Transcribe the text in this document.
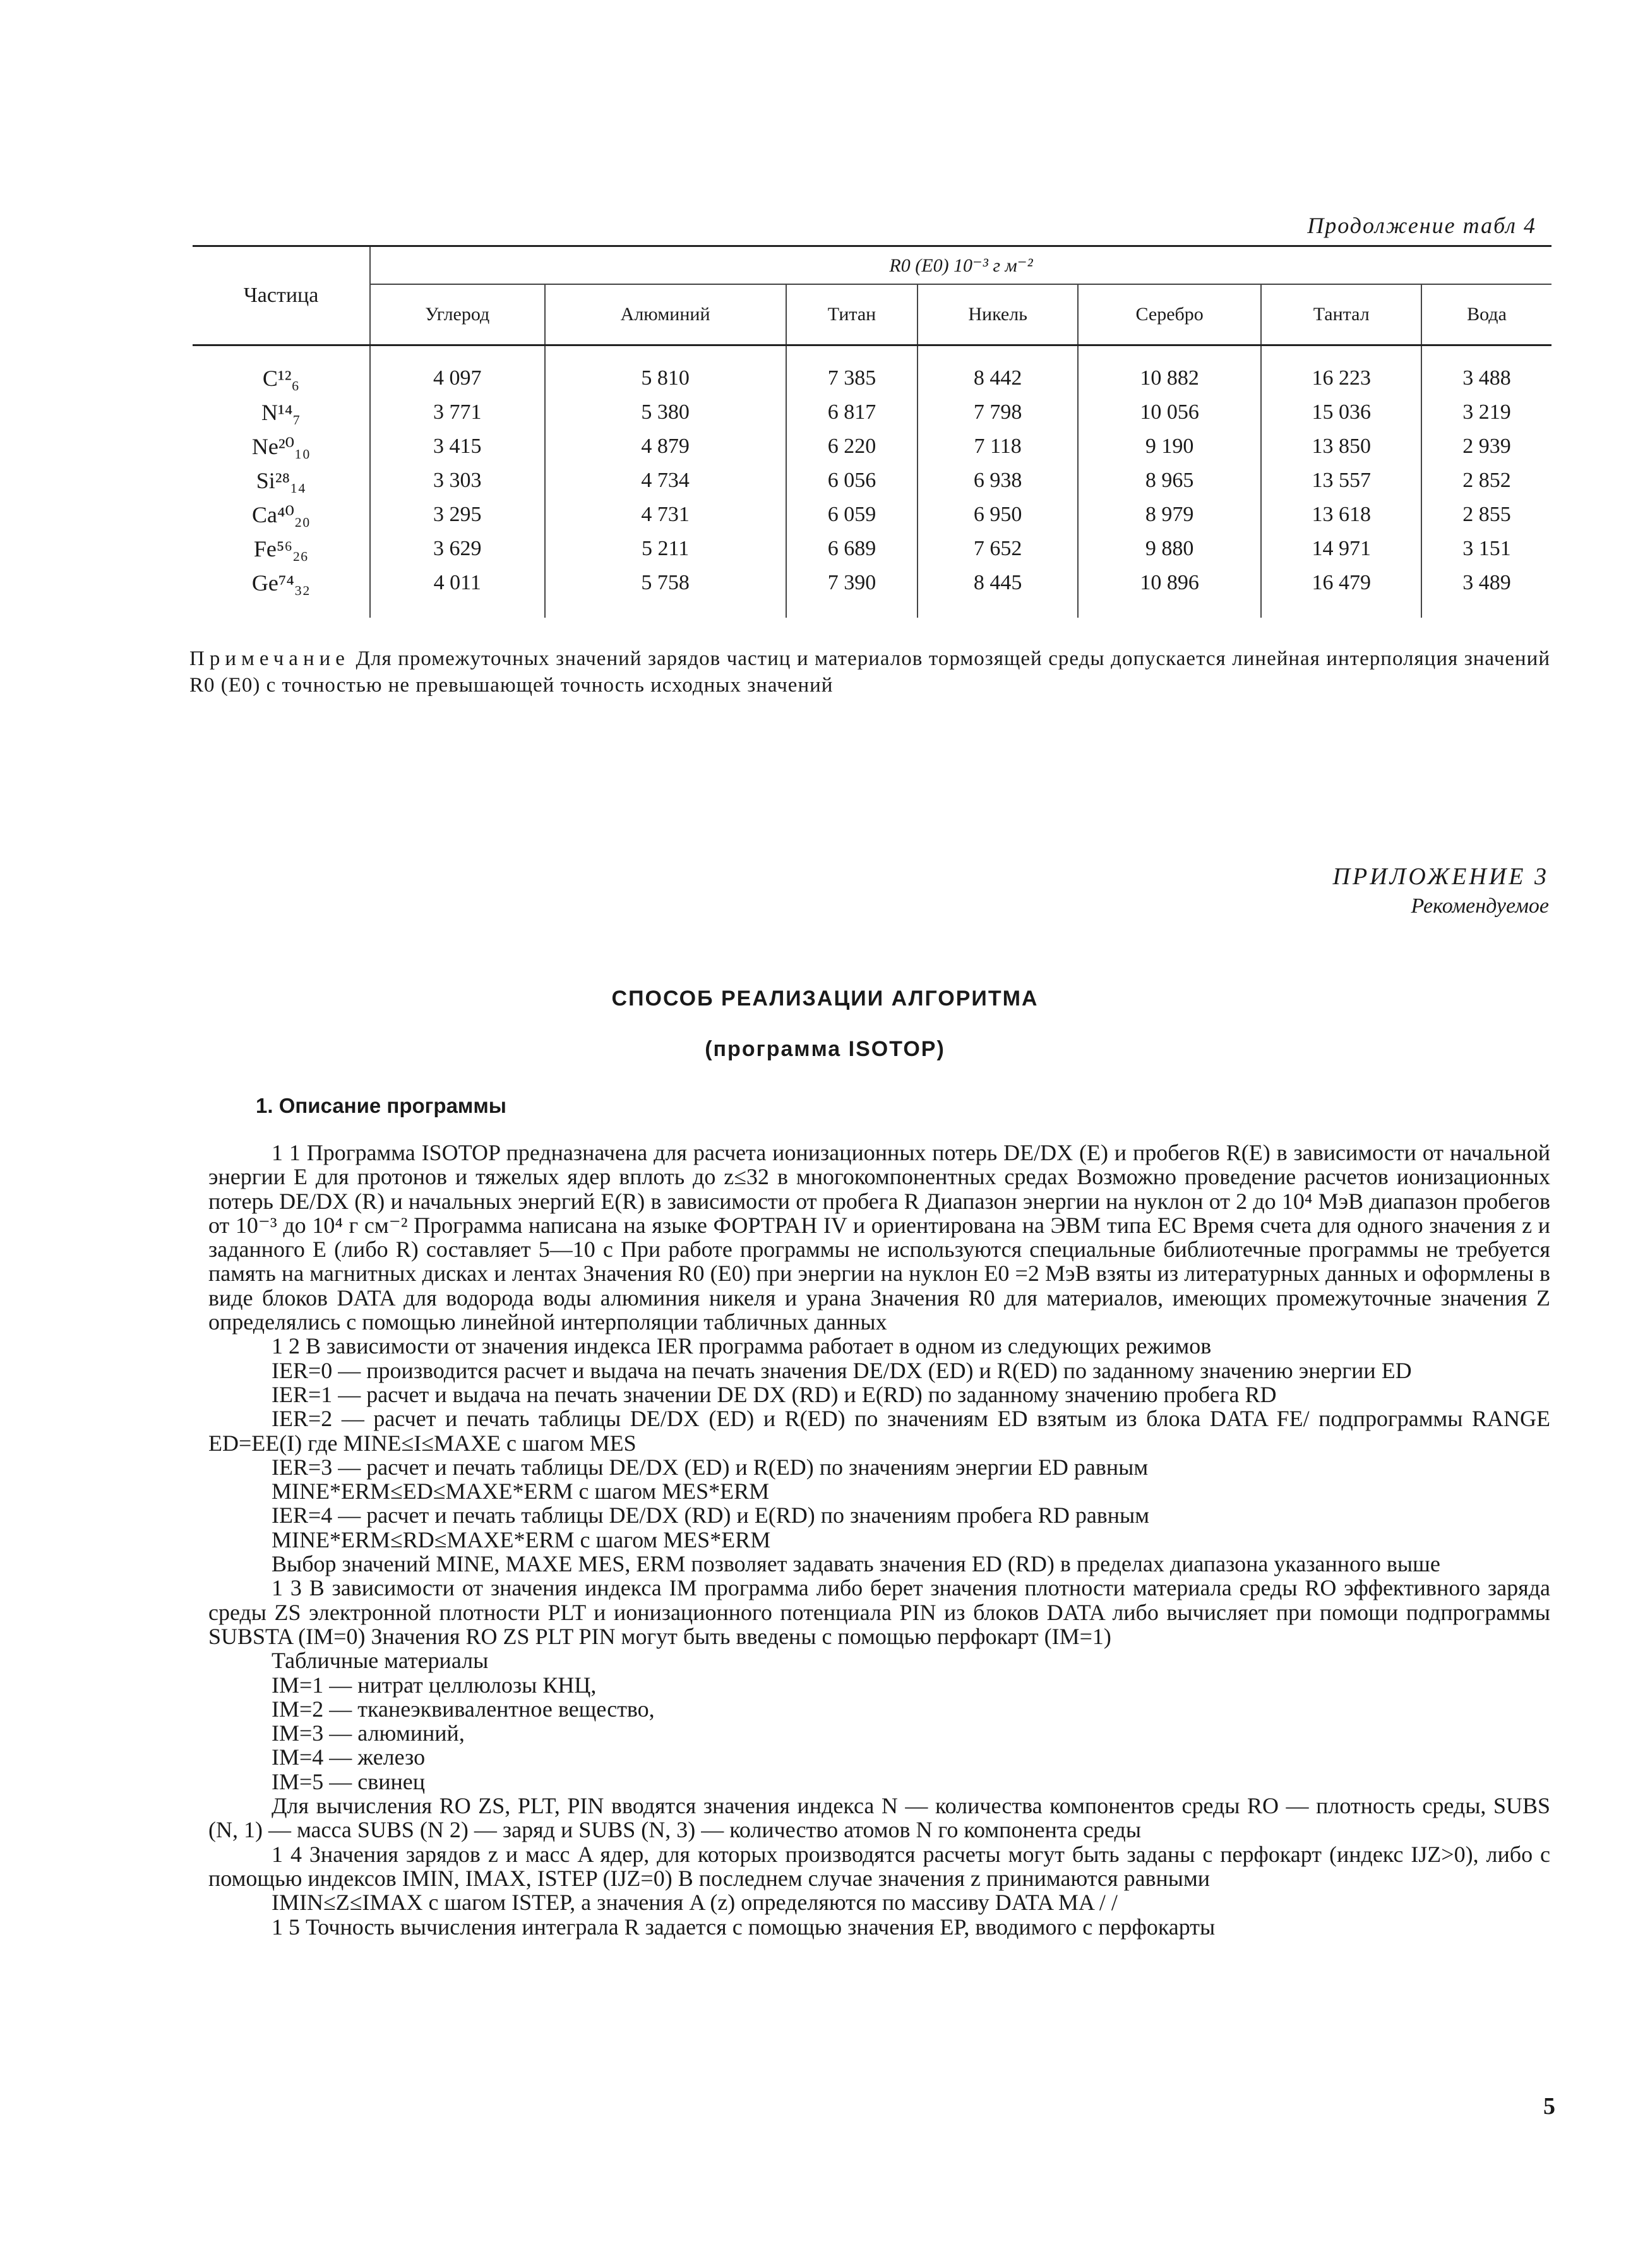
Продолжение табл 4
Частица	R0 (E0) 10⁻³ г м⁻²						
	Углерод	Алюминий	Титан	Никель	Серебро	Тантал	Вода
C¹²₆	4 097	5 810	7 385	8 442	10 882	16 223	3 488
N¹⁴₇	3 771	5 380	6 817	7 798	10 056	15 036	3 219
Ne²⁰₁₀	3 415	4 879	6 220	7 118	9 190	13 850	2 939
Si²⁸₁₄	3 303	4 734	6 056	6 938	8 965	13 557	2 852
Ca⁴⁰₂₀	3 295	4 731	6 059	6 950	8 979	13 618	2 855
Fe⁵⁶₂₆	3 629	5 211	6 689	7 652	9 880	14 971	3 151
Ge⁷⁴₃₂	4 011	5 758	7 390	8 445	10 896	16 479	3 489
Примечание Для промежуточных значений зарядов частиц и материалов тормозящей среды допускается линейная интерполяция значений R0 (E0) с точностью не превышающей точность исходных значений
ПРИЛОЖЕНИЕ 3
Рекомендуемое
СПОСОБ РЕАЛИЗАЦИИ АЛГОРИТМА
(программа ISOTOP)
1. Описание программы

1 1 Программа ISOTOP предназначена для расчета ионизационных потерь DE/DX (E) и пробегов R(E) в зависимости от начальной энергии E для протонов и тяжелых ядер вплоть до z≤32 в многокомпонентных средах Возможно проведение расчетов ионизационных потерь DE/DX (R) и начальных энергий E(R) в зависимости от пробега R Диапазон энергии на нуклон от 2 до 10⁴ МэВ диапазон пробегов от 10⁻³ до 10⁴ г см⁻² Программа написана на языке ФОРТРАН IV и ориентирована на ЭВМ типа ЕС Время счета для одного значения z и заданного E (либо R) составляет 5—10 с При работе программы не используются специальные библиотечные программы не требуется память на магнитных дисках и лентах Значения R0 (E0) при энергии на нуклон E0 =2 МэВ взяты из литературных данных и оформлены в виде блоков DATA для водорода воды алюминия никеля и урана Значения R0 для материалов, имеющих промежуточные значения Z определялись с помощью линейной интерполяции табличных данных

1 2 В зависимости от значения индекса IER программа работает в одном из следующих режимов

IER=0 — производится расчет и выдача на печать значения DE/DX (ED) и R(ED) по заданному значению энергии ED

IER=1 — расчет и выдача на печать значении DE DX (RD) и E(RD) по заданному значению пробега RD

IER=2 — расчет и печать таблицы DE/DX (ED) и R(ED) по значениям ED взятым из блока DATA FE/ подпрограммы RANGE ED=EE(I) где MINE≤I≤MAXE с шагом MES

IER=3 — расчет и печать таблицы DE/DX (ED) и R(ED) по значениям энергии ED равным

MINE*ERM≤ED≤MAXE*ERM с шагом MES*ERM

IER=4 — расчет и печать таблицы DE/DX (RD) и E(RD) по значениям пробега RD равным

MINE*ERM≤RD≤MAXE*ERM с шагом MES*ERM

Выбор значений MINE, MAXE MES, ERM позволяет задавать значения ED (RD) в пределах диапазона указанного выше

1 3 В зависимости от значения индекса IM программа либо берет значения плотности материала среды RO эффективного заряда среды ZS электронной плотности PLT и ионизационного потенциала PIN из блоков DATA либо вычисляет при помощи подпрограммы SUBSTA (IM=0) Значения RO ZS PLT PIN могут быть введены с помощью перфокарт (IM=1)

Табличные материалы

IM=1 — нитрат целлюлозы КНЦ,

IM=2 — тканеэквивалентное вещество,

IM=3 — алюминий,

IM=4 — железо

IM=5 — свинец

Для вычисления RO ZS, PLT, PIN вводятся значения индекса N — количества компонентов среды RO — плотность среды, SUBS (N, 1) — масса SUBS (N 2) — заряд и SUBS (N, 3) — количество атомов N го компонента среды

1 4 Значения зарядов z и масс A ядер, для которых производятся расчеты могут быть заданы с перфокарт (индекс IJZ>0), либо с помощью индексов IMIN, IMAX, ISTEP (IJZ=0) В последнем случае значения z принимаются равными

IMIN≤Z≤IMAX с шагом ISTEP, а значения A (z) определяются по массиву DATA MA / /

1 5 Точность вычисления интеграла R задается с помощью значения EP, вводимого с перфокарты

5
